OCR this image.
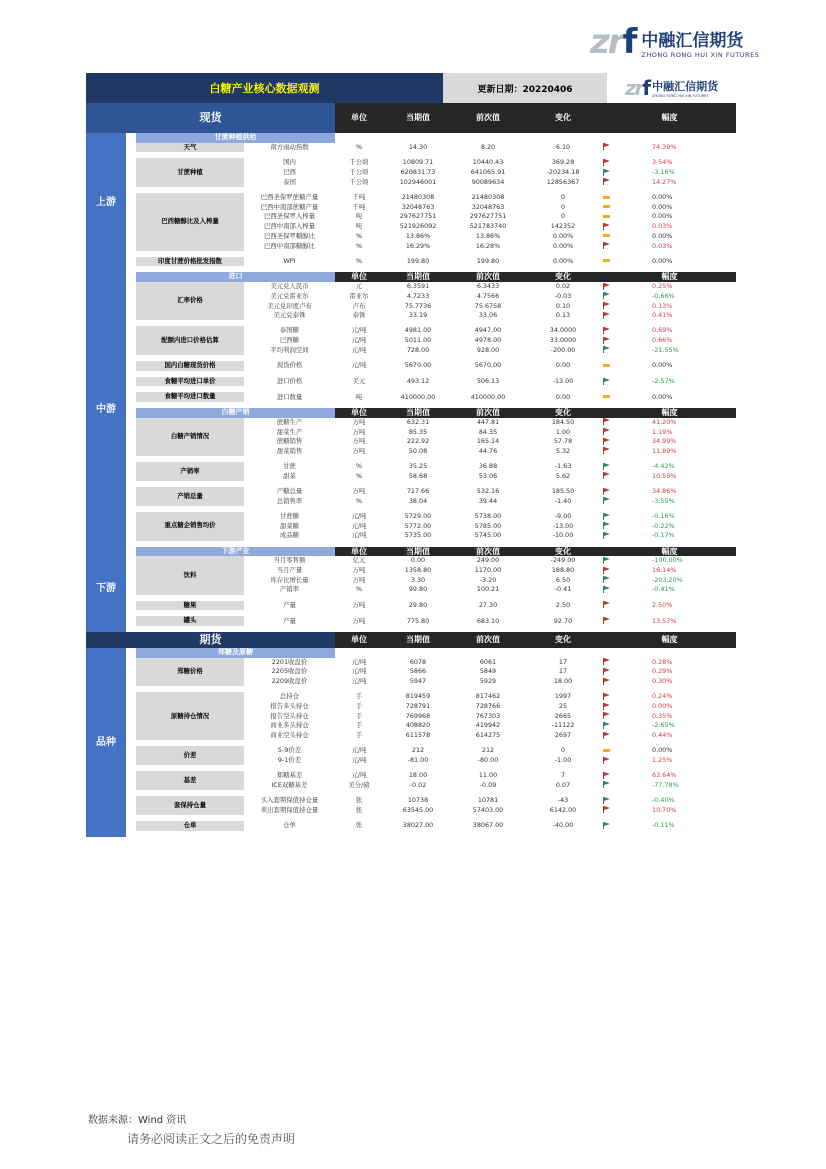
zrf 中融汇信期货
ZHONG RONG HUI XIN FUTURES
白糖产业核心数据观测	更新日期：20220406	zrf 中融汇信期货
ZHONG RONG HUI XIN FUTURES
现货				单位	当期值	前次值	变化	幅度
上游		甘蔗种植供给						
		天气	南方雨动指数	%	14.30	8.20	6.10	74.39%

		甘蔗种植	国内	千公顷	10809.71	10440.43	369.28	3.54%
			巴西	千公顷	620831.73	641065.91	-20234.18	-3.16%
			泰国	千公顷	102946001	90089634	12856367	14.27%

		巴西糖醇比及入榨量	巴西圣保罗蔗糖产量	千吨	21480308	21480308	0	0.00%
			巴西中南部蔗糖产量	千吨	32048763	32048763	0	0.00%
			巴西圣保罗入榨量	吨	297627751	297627751	0	0.00%
			巴西中南部入榨量	吨	521926092	521783740	142352	0.03%
			巴西圣保罗糖醇比	%	13.86%	13.86%	0.00%	0.00%
			巴西中南部糖醇比	%	16.29%	16.28%	0.00%	0.03%

		印度甘蔗价格批发指数	WPI	%	199.80	199.80	0.00%	0.00%

中游		进口		单位	当期值	前次值	变化	幅度
		汇率价格	美元兑人民币	元	6.3591	6.3433	0.02	0.25%
			美元兑雷亚尔	雷亚尔	4.7233	4.7566	-0.03	-0.66%
			美元兑印度卢布	卢布	75.7736	75.6758	0.10	0.13%
			美元兑泰铢	泰铢	33.19	33.06	0.13	0.41%

		配额内进口价格估算	泰国糖	元/吨	4981.00	4947.00	34.0000	0.69%
			巴西糖	元/吨	5011.00	4978.00	33.0000	0.66%
			平均利润空间	元/吨	728.00	928.00	-200.00	-21.55%

		国内白糖现货价格	现货价格	元/吨	5670.00	5670.00	0.00	0.00%

		食糖平均进口单价	进口价格	美元	493.12	506.13	-13.00	-2.57%

		食糖平均进口数量	进口数量	吨	410000.00	410000.00	0.00	0.00%

		白糖产销		单位	当期值	前次值	变化	幅度
		白糖产销情况	蔗糖生产	万吨	632.31	447.81	184.50	41.20%
			甜菜生产	万吨	85.35	84.35	1.00	1.19%
			蔗糖销售	万吨	222.92	165.14	57.78	34.99%
			甜菜销售	万吨	50.08	44.76	5.32	11.89%

		产销率	甘蔗	%	35.25	36.88	-1.63	-4.42%
			甜菜	%	58.68	53.06	5.62	10.59%

		产销总量	产糖总量	万吨	717.66	532.16	185.50	34.86%
			总销售率	%	38.04	39.44	-1.40	-3.55%

		重点糖企销售均价	甘蔗糖	元/吨	5729.00	5738.00	-9.00	-0.16%
			甜菜糖	元/吨	5772.00	5785.00	-13.00	-0.22%
			成品糖	元/吨	5735.00	5745.00	-10.00	-0.17%

下游		下游产业		单位	当期值	前次值	变化	幅度
		饮料	当月零售额	亿元	0.00	249.00	-249.00	-100.00%
			当月产量	万吨	1358.80	1170.00	188.80	16.14%
			库存比增长量	万吨	3.30	-3.20	6.50	-203.20%
			产销率	%	99.80	100.21	-0.41	-0.41%

		糖果	产量	万吨	29.80	27.30	2.50	2.50%

		罐头	产量	万吨	775.80	683.10	92.70	13.57%

期货				单位	当期值	前次值	变化	幅度
品种		郑糖及原糖						
		郑糖价格	2201收盘价	元/吨	6078	6061	17	0.28%
			2205收盘价	元/吨	5866	5849	17	0.29%
			2209收盘价	元/吨	5947	5929	18.00	0.30%

		原糖持仓情况	总持仓	手	819459	817462	1997	0.24%
			报告多头持仓	手	728791	728766	25	0.00%
			报告空头持仓	手	769968	767303	2665	0.35%
			商业多头持仓	手	408820	419942	-11122	-2.65%
			商业空头持仓	手	611578	614275	2697	0.44%

		价差	5-9价差	元/吨	212	212	0	0.00%
			9-1价差	元/吨	-81.00	-80.00	-1.00	1.25%

		基差	郑糖基差	元/吨	18.00	11.00	7	63.64%
			ICE双糖基差	美分/磅	-0.02	-0.09	0.07	-77.78%

		套保持仓量	买入套期保值持仓量	张	10738	10781	-43	-0.40%
			卖出套期保值持仓量	张	63545.00	57403.00	6142.00	10.70%

		仓单	仓单	张	38027.00	38067.00	-40.00	-0.11%

数据来源：Wind 资讯
请务必阅读正文之后的免责声明
